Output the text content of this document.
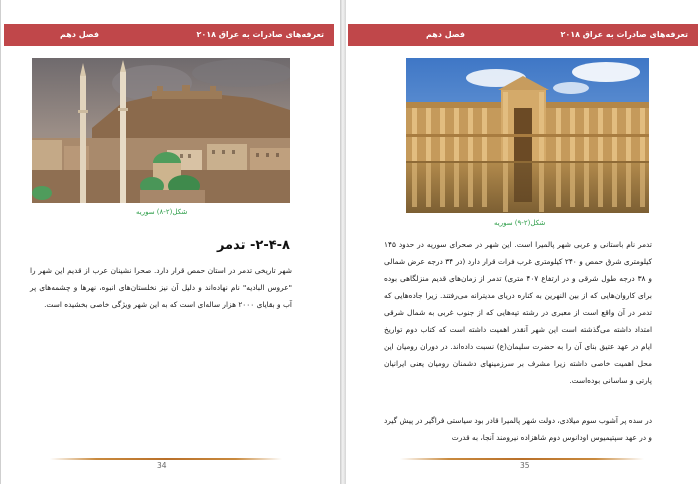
تعرفه‌های صادرات به عراق ۲۰۱۸
فصل دهم
شکل(۲-۸) سوریه
۲-۴-۸- تدمر

شهر تاریخی تدمر در استان حمص قرار دارد. صحرا نشینان عرب از قدیم این شهر را "عروس البادیه" نام نهاده‌اند و دلیل آن نیز نخلستان‌های انبوه، نهرها و چشمه‌های پر آب و بقایای ۲۰۰۰ هزار ساله‌ای است که به این شهر ویژگی خاصی بخشیده است.

34
تعرفه‌های صادرات به عراق ۲۰۱۸
فصل دهم
شکل(۲-۹) سوریه

تدمر نام باستانی و عربی شهر پالمیرا است. این شهر در صحرای سوریه در حدود ۱۴۵ کیلومتری شرق حمص و ۲۴۰ کیلومتری غرب فرات قرار دارد (در ۳۴ درجه عرض شمالی و ۳۸ درجه طول شرقی و در ارتفاع ۴۰۷ متری) تدمر از زمان‌های قدیم منزلگاهی بوده برای کاروان‌هایی که از بین النهرین به کناره دریای مدیترانه می‌رفتند. زیرا جاده‌هایی که تدمر در آن واقع است از معبری در رشته تپه‌هایی که از جنوب غربی به شمال شرقی امتداد داشته می‌گذشته است این شهر آنقدر اهمیت داشته است که کتاب دوم تواریخ ایام در عهد عتیق بنای آن را به حضرت سلیمان(ع) نسبت داده‌اند. در دوران رومیان این محل اهمیت خاصی داشته زیرا مشرف بر سرزمینهای دشمنان رومیان یعنی ایرانیان پارتی و ساسانی بوده‌است.

در سده پر آشوب سوم میلادی، دولت شهر پالمیرا قادر بود سیاستی فراگیر در پیش گیرد و در عهد سپتیمیوس اودانوس دوم شاهزاده نیرومند آنجا، به قدرت

35
